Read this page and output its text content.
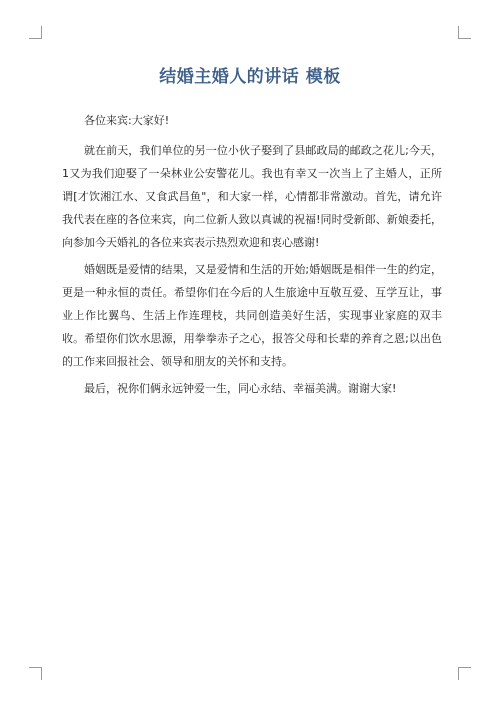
结婚主婚人的讲话 模板

各位来宾:大家好!

就在前天，我们单位的另一位小伙子娶到了县邮政局的邮政之花儿;今天，1又为我们迎娶了一朵林业公安警花儿。我也有幸又一次当上了主婚人，正所谓[才饮湘江水、又食武昌鱼"，和大家一样，心情都非常激动。首先，请允许我代表在座的各位来宾，向二位新人致以真诚的祝福!同时受新郎、新娘委托，向参加今天婚礼的各位来宾表示热烈欢迎和衷心感谢!

婚姻既是爱情的结果，又是爱情和生活的开始;婚姻既是相伴一生的约定，更是一种永恒的责任。希望你们在今后的人生旅途中互敬互爱、互学互让，事业上作比翼鸟、生活上作连理枝，共同创造美好生活，实现事业家庭的双丰收。希望你们饮水思源，用拳拳赤子之心，报答父母和长辈的养育之恩;以出色的工作来回报社会、领导和朋友的关怀和支持。

最后，祝你们俩永远钟爱一生，同心永结、幸福美满。谢谢大家!
